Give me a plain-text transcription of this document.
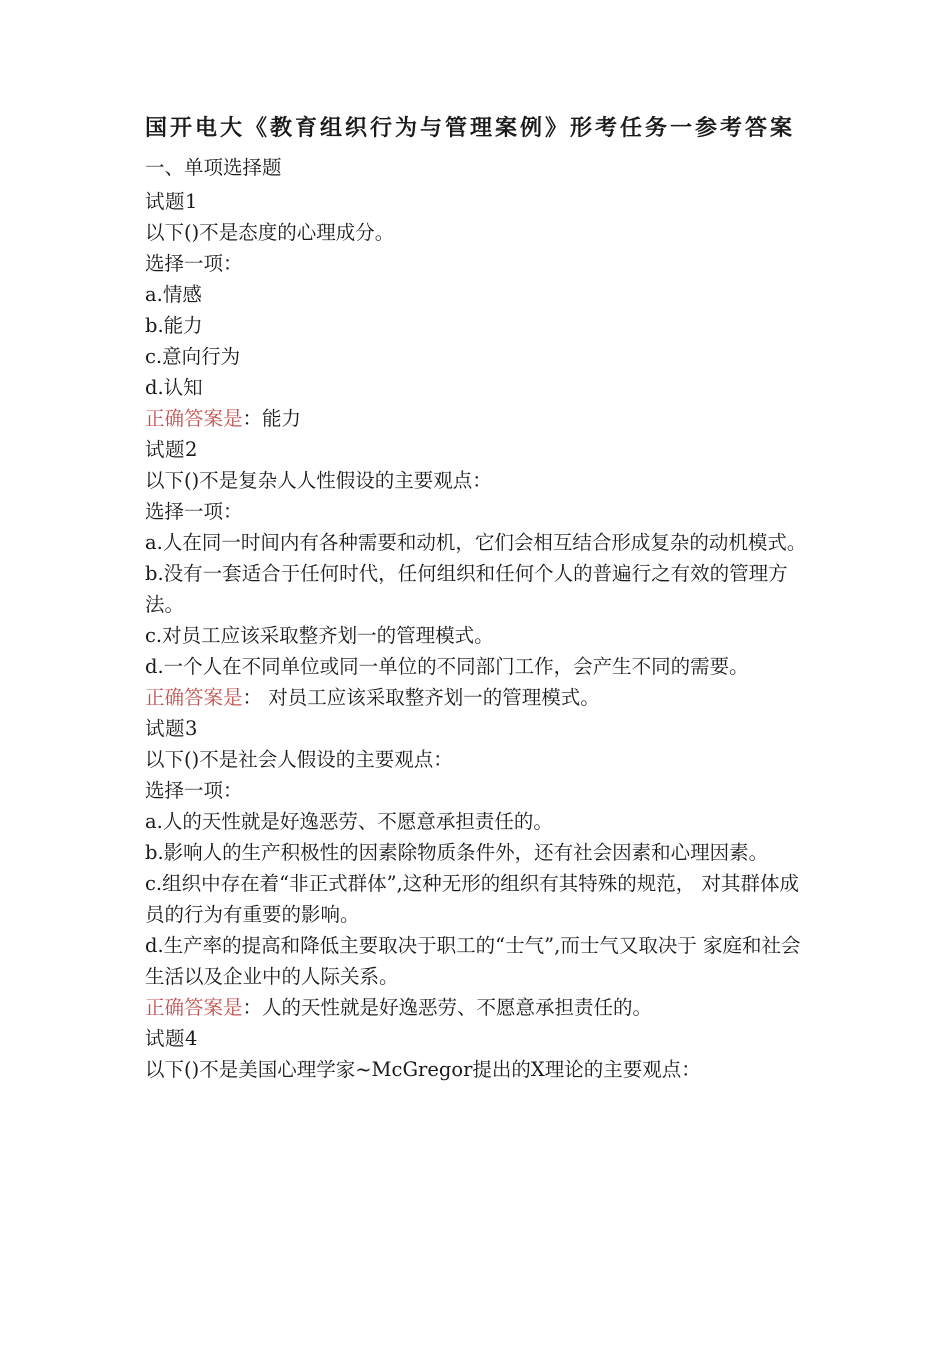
国开电大《教育组织行为与管理案例》形考任务一参考答案
一、单项选择题
试题1
以下()不是态度的心理成分。
选择一项：
a.情感
b.能力
c.意向行为
d.认知
正确答案是：能力
试题2
以下()不是复杂人人性假设的主要观点：
选择一项：
a.人在同一时间内有各种需要和动机，它们会相互结合形成复杂的动机模式。
b.没有一套适合于任何时代，任何组织和任何个人的普遍行之有效的管理方法。
c.对员工应该采取整齐划一的管理模式。
d.一个人在不同单位或同一单位的不同部门工作，会产生不同的需要。
正确答案是： 对员工应该采取整齐划一的管理模式。
试题3
以下()不是社会人假设的主要观点：
选择一项：
a.人的天性就是好逸恶劳、不愿意承担责任的。
b.影响人的生产积极性的因素除物质条件外，还有社会因素和心理因素。
c.组织中存在着“非正式群体”,这种无形的组织有其特殊的规范， 对其群体成员的行为有重要的影响。
d.生产率的提高和降低主要取决于职工的“士气”,而士气又取决于 家庭和社会生活以及企业中的人际关系。
正确答案是：人的天性就是好逸恶劳、不愿意承担责任的。
试题4
以下()不是美国心理学家~McGregor提出的X理论的主要观点：
